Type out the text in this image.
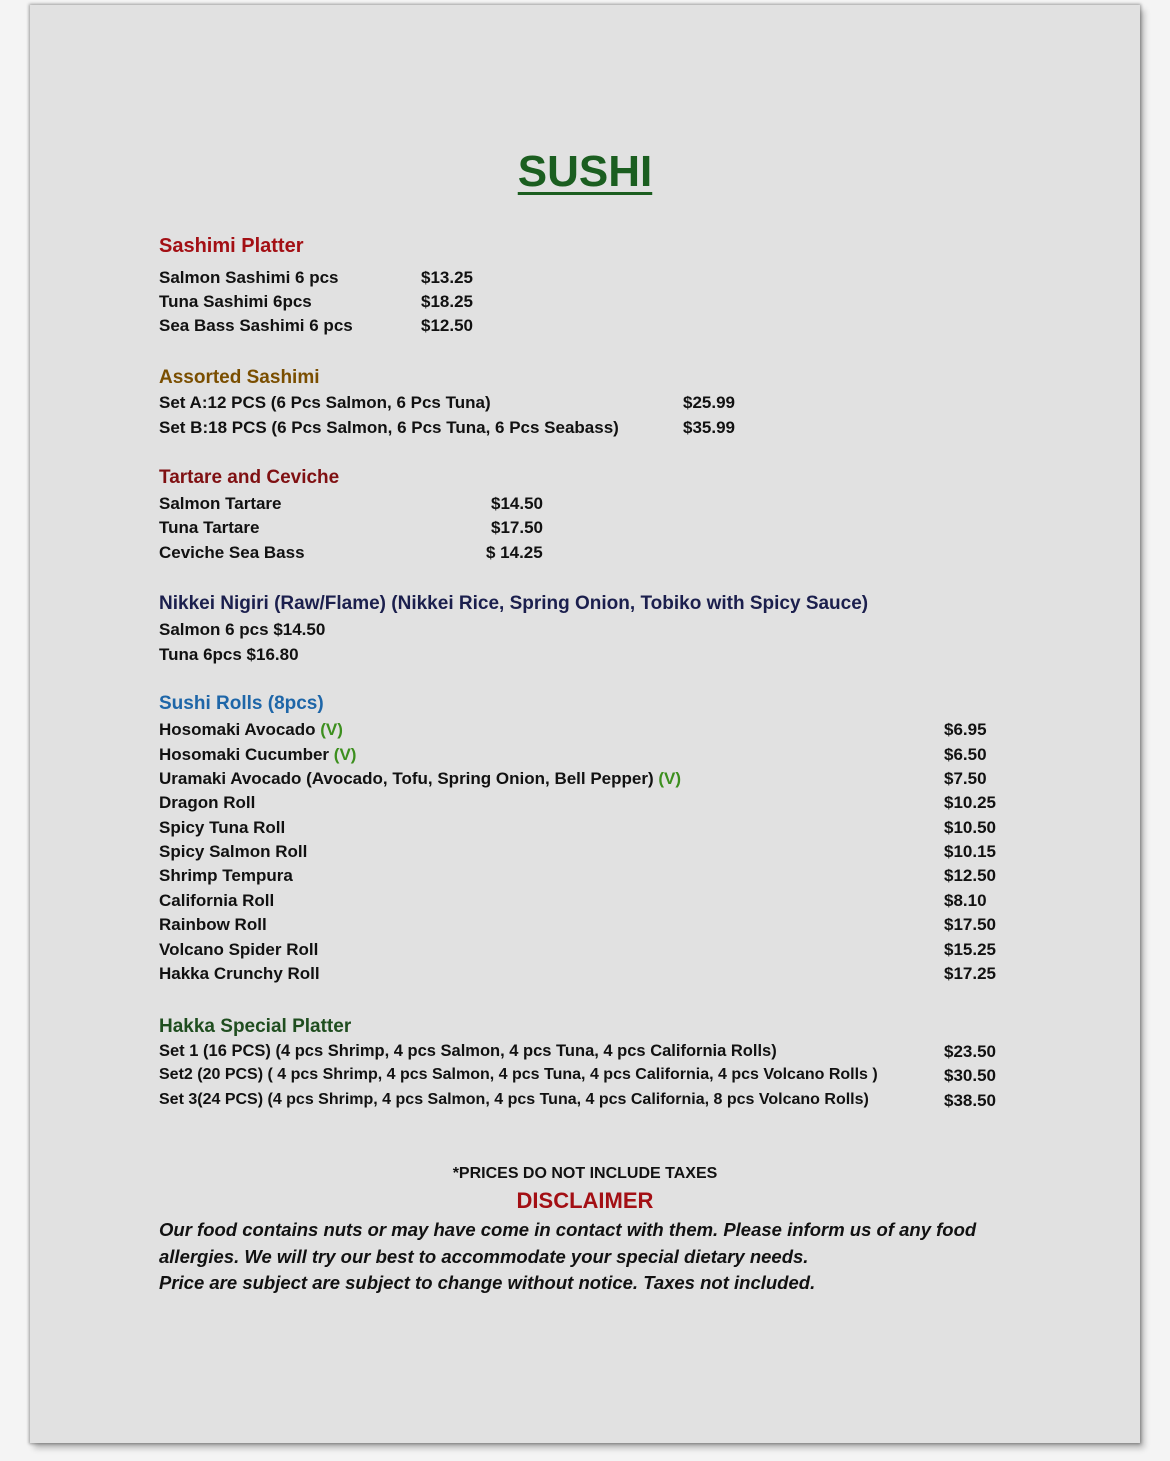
SUSHI
Sashimi Platter
Salmon Sashimi 6 pcs	$13.25
Tuna Sashimi 6pcs	$18.25
Sea Bass Sashimi 6 pcs	$12.50
Assorted Sashimi
Set A:12 PCS (6 Pcs Salmon, 6 Pcs Tuna)	$25.99
Set B:18 PCS (6 Pcs Salmon, 6 Pcs Tuna, 6 Pcs Seabass)	$35.99
Tartare and Ceviche
Salmon Tartare	$14.50
Tuna Tartare	$17.50
Ceviche Sea Bass	$ 14.25
Nikkei Nigiri (Raw/Flame) (Nikkei Rice, Spring Onion, Tobiko with Spicy Sauce)
Salmon 6 pcs $14.50
Tuna 6pcs $16.80
Sushi Rolls (8pcs)
Hosomaki Avocado (V)	$6.95
Hosomaki Cucumber (V)	$6.50
Uramaki Avocado (Avocado, Tofu, Spring Onion, Bell Pepper) (V)	$7.50
Dragon Roll	$10.25
Spicy Tuna Roll	$10.50
Spicy Salmon Roll	$10.15
Shrimp Tempura	$12.50
California Roll	$8.10
Rainbow Roll	$17.50
Volcano Spider Roll	$15.25
Hakka Crunchy Roll	$17.25
Hakka Special Platter
Set 1 (16 PCS) (4 pcs Shrimp, 4 pcs Salmon, 4 pcs Tuna, 4 pcs California Rolls)	$23.50
Set2 (20 PCS) ( 4 pcs Shrimp, 4 pcs Salmon, 4 pcs Tuna, 4 pcs California, 4 pcs Volcano Rolls )	$30.50
Set 3(24 PCS) (4 pcs Shrimp, 4 pcs Salmon, 4 pcs Tuna, 4 pcs California, 8 pcs Volcano Rolls)	$38.50
*PRICES DO NOT INCLUDE TAXES
DISCLAIMER
Our food contains nuts or may have come in contact with them. Please inform us of any food
allergies. We will try our best to accommodate your special dietary needs.
Price are subject are subject to change without notice. Taxes not included.
